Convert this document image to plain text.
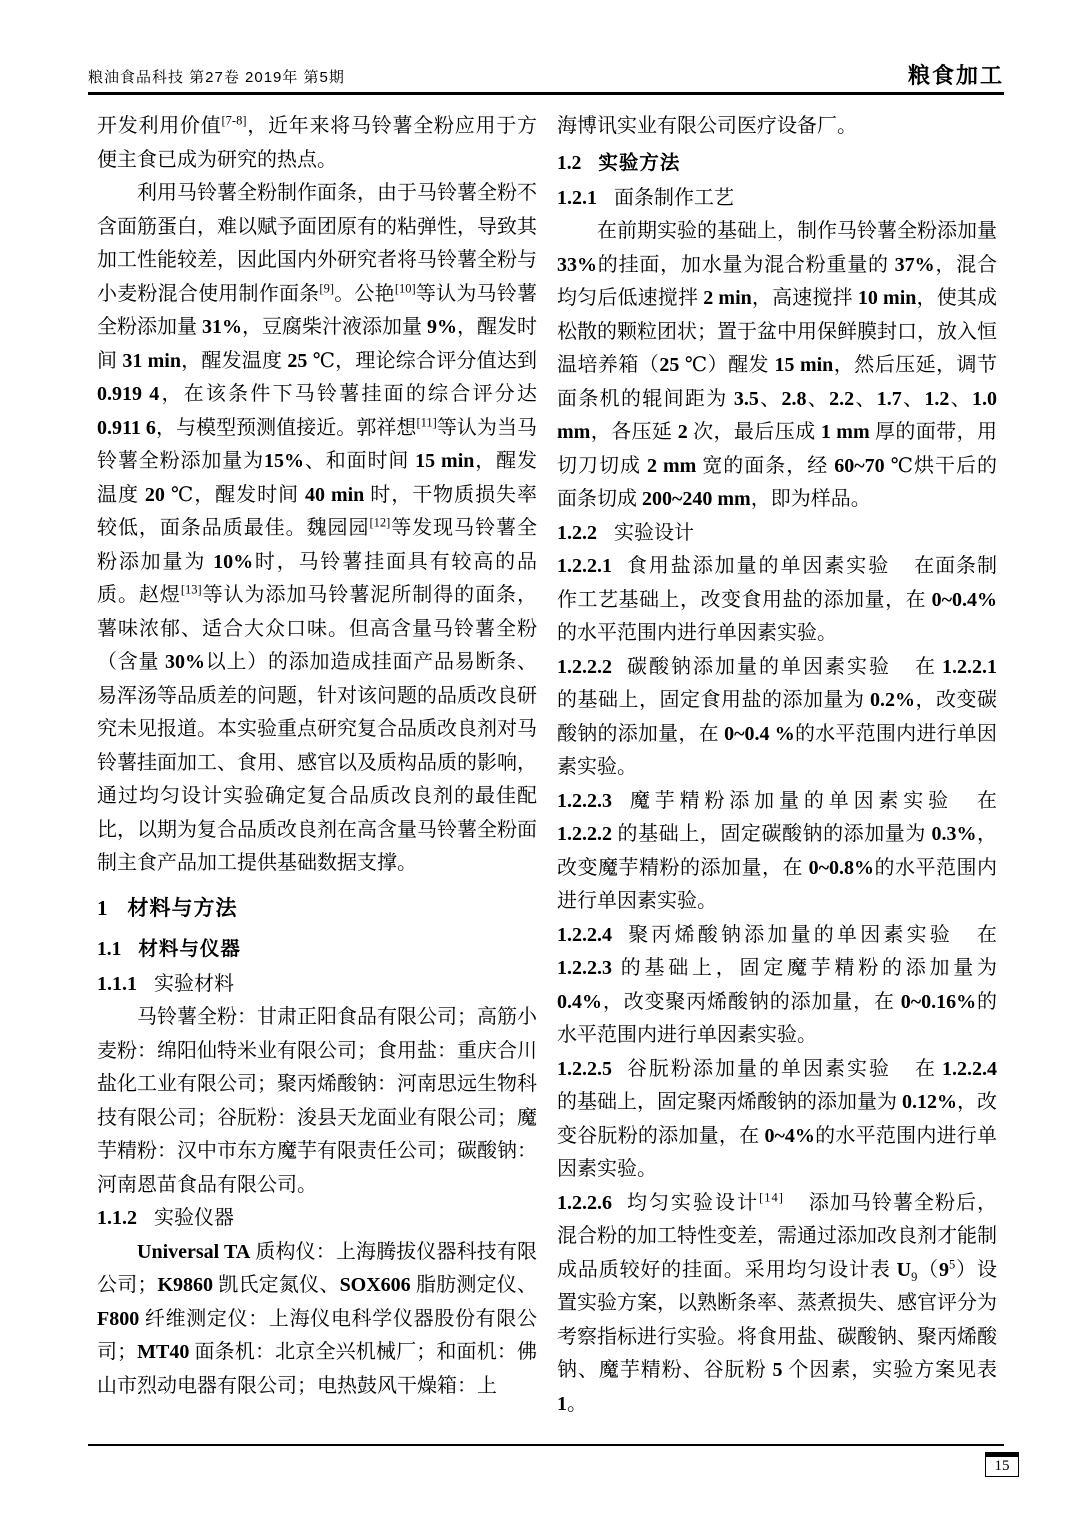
粮油食品科技 第27卷 2019年 第5期	粮食加工

开发利用价值[7-8]，近年来将马铃薯全粉应用于方便主食已成为研究的热点。

利用马铃薯全粉制作面条，由于马铃薯全粉不含面筋蛋白，难以赋予面团原有的粘弹性，导致其加工性能较差，因此国内外研究者将马铃薯全粉与小麦粉混合使用制作面条[9]。公艳[10]等认为马铃薯全粉添加量 31%，豆腐柴汁液添加量 9%，醒发时间 31 min，醒发温度 25 ℃，理论综合评分值达到 0.919 4，在该条件下马铃薯挂面的综合评分达 0.911 6，与模型预测值接近。郭祥想[11]等认为当马铃薯全粉添加量为15%、和面时间 15 min，醒发温度 20 ℃，醒发时间 40 min 时，干物质损失率较低，面条品质最佳。魏园园[12]等发现马铃薯全粉添加量为 10%时，马铃薯挂面具有较高的品质。赵煜[13]等认为添加马铃薯泥所制得的面条，薯味浓郁、适合大众口味。但高含量马铃薯全粉（含量 30%以上）的添加造成挂面产品易断条、易浑汤等品质差的问题，针对该问题的品质改良研究未见报道。本实验重点研究复合品质改良剂对马铃薯挂面加工、食用、感官以及质构品质的影响，通过均匀设计实验确定复合品质改良剂的最佳配比，以期为复合品质改良剂在高含量马铃薯全粉面制主食产品加工提供基础数据支撑。

1 材料与方法
1.1 材料与仪器
1.1.1 实验材料

马铃薯全粉：甘肃正阳食品有限公司；高筋小麦粉：绵阳仙特米业有限公司；食用盐：重庆合川盐化工业有限公司；聚丙烯酸钠：河南思远生物科技有限公司；谷朊粉：浚县天龙面业有限公司；魔芋精粉：汉中市东方魔芋有限责任公司；碳酸钠：河南恩苗食品有限公司。

1.1.2 实验仪器

Universal TA 质构仪：上海腾拔仪器科技有限公司；K9860 凯氏定氮仪、SOX606 脂肪测定仪、F800 纤维测定仪：上海仪电科学仪器股份有限公司；MT40 面条机：北京全兴机械厂；和面机：佛山市烈动电器有限公司；电热鼓风干燥箱：上

海博讯实业有限公司医疗设备厂。

1.2 实验方法
1.2.1 面条制作工艺

在前期实验的基础上，制作马铃薯全粉添加量 33%的挂面，加水量为混合粉重量的 37%，混合均匀后低速搅拌 2 min，高速搅拌 10 min，使其成松散的颗粒团状；置于盆中用保鲜膜封口，放入恒温培养箱（25 ℃）醒发 15 min，然后压延，调节面条机的辊间距为 3.5、2.8、2.2、1.7、1.2、1.0 mm，各压延 2 次，最后压成 1 mm 厚的面带，用切刀切成 2 mm 宽的面条，经 60~70 ℃烘干后的面条切成 200~240 mm，即为样品。

1.2.2 实验设计

1.2.2.1 食用盐添加量的单因素实验 在面条制作工艺基础上，改变食用盐的添加量，在 0~0.4%的水平范围内进行单因素实验。

1.2.2.2 碳酸钠添加量的单因素实验 在 1.2.2.1 的基础上，固定食用盐的添加量为 0.2%，改变碳酸钠的添加量，在 0~0.4 %的水平范围内进行单因素实验。

1.2.2.3 魔芋精粉添加量的单因素实验 在 1.2.2.2 的基础上，固定碳酸钠的添加量为 0.3%，改变魔芋精粉的添加量，在 0~0.8%的水平范围内进行单因素实验。

1.2.2.4 聚丙烯酸钠添加量的单因素实验 在 1.2.2.3 的基础上，固定魔芋精粉的添加量为 0.4%，改变聚丙烯酸钠的添加量，在 0~0.16%的水平范围内进行单因素实验。

1.2.2.5 谷朊粉添加量的单因素实验 在 1.2.2.4 的基础上，固定聚丙烯酸钠的添加量为 0.12%，改变谷朊粉的添加量，在 0~4%的水平范围内进行单因素实验。

1.2.2.6 均匀实验设计[14] 添加马铃薯全粉后，混合粉的加工特性变差，需通过添加改良剂才能制成品质较好的挂面。采用均匀设计表 $U_9(9^5)$设置实验方案，以熟断条率、蒸煮损失、感官评分为考察指标进行实验。将食用盐、碳酸钠、聚丙烯酸钠、魔芋精粉、谷朊粉 5 个因素，实验方案见表 1。

15
